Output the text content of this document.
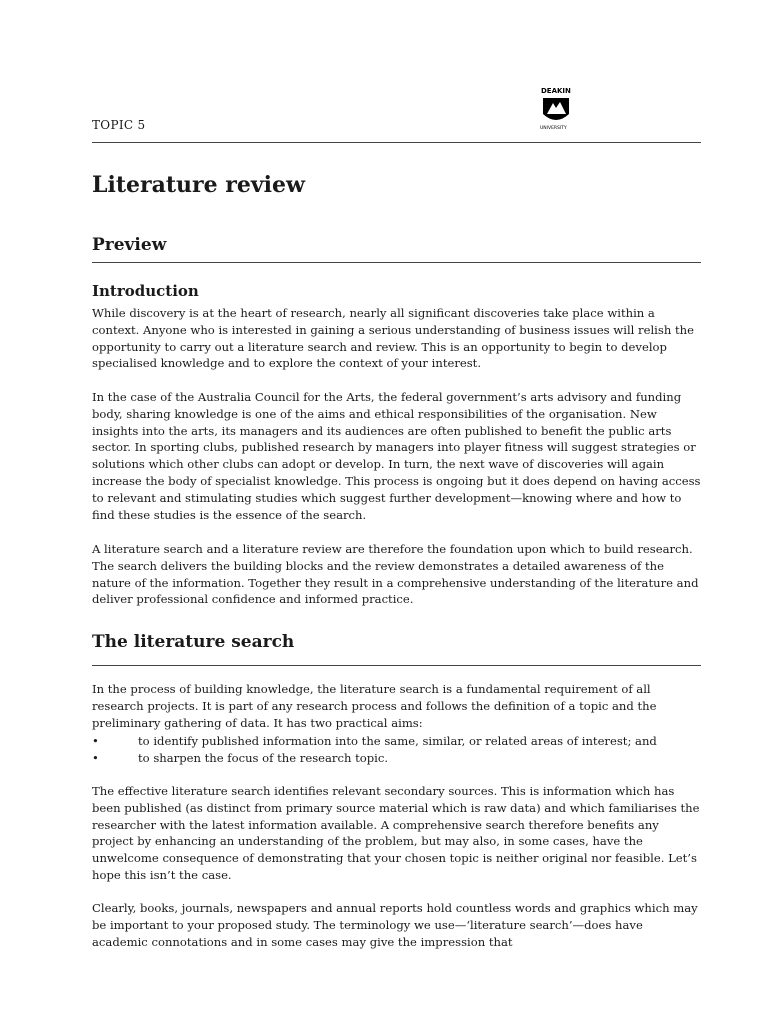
TOPIC 5
DEAKIN
UNIVERSITY
Literature review
Preview
Introduction

While discovery is at the heart of research, nearly all significant discoveries take place within a context. Anyone who is interested in gaining a serious understanding of business issues will relish the opportunity to carry out a literature search and review. This is an opportunity to begin to develop specialised knowledge and to explore the context of your interest.

In the case of the Australia Council for the Arts, the federal government’s arts advisory and funding body, sharing knowledge is one of the aims and ethical responsibilities of the organisation. New insights into the arts, its managers and its audiences are often published to benefit the public arts sector. In sporting clubs, published research by managers into player fitness will suggest strategies or solutions which other clubs can adopt or develop. In turn, the next wave of discoveries will again increase the body of specialist knowledge. This process is ongoing but it does depend on having access to relevant and stimulating studies which suggest further development—knowing where and how to find these studies is the essence of the search.

A literature search and a literature review are therefore the foundation upon which to build research. The search delivers the building blocks and the review demonstrates a detailed awareness of the nature of the information. Together they result in a comprehensive understanding of the literature and deliver professional confidence and informed practice.

The literature search

In the process of building knowledge, the literature search is a fundamental requirement of all research projects. It is part of any research process and follows the definition of a topic and the preliminary gathering of data. It has two practical aims:

•	to identify published information into the same, similar, or related areas of interest; and
•	to sharpen the focus of the research topic.

The effective literature search identifies relevant secondary sources. This is information which has been published (as distinct from primary source material which is raw data) and which familiarises the researcher with the latest information available. A comprehensive search therefore benefits any project by enhancing an understanding of the problem, but may also, in some cases, have the unwelcome consequence of demonstrating that your chosen topic is neither original nor feasible. Let’s hope this isn’t the case.

Clearly, books, journals, newspapers and annual reports hold countless words and graphics which may be important to your proposed study. The terminology we use—‘literature search’—does have academic connotations and in some cases may give the impression that
